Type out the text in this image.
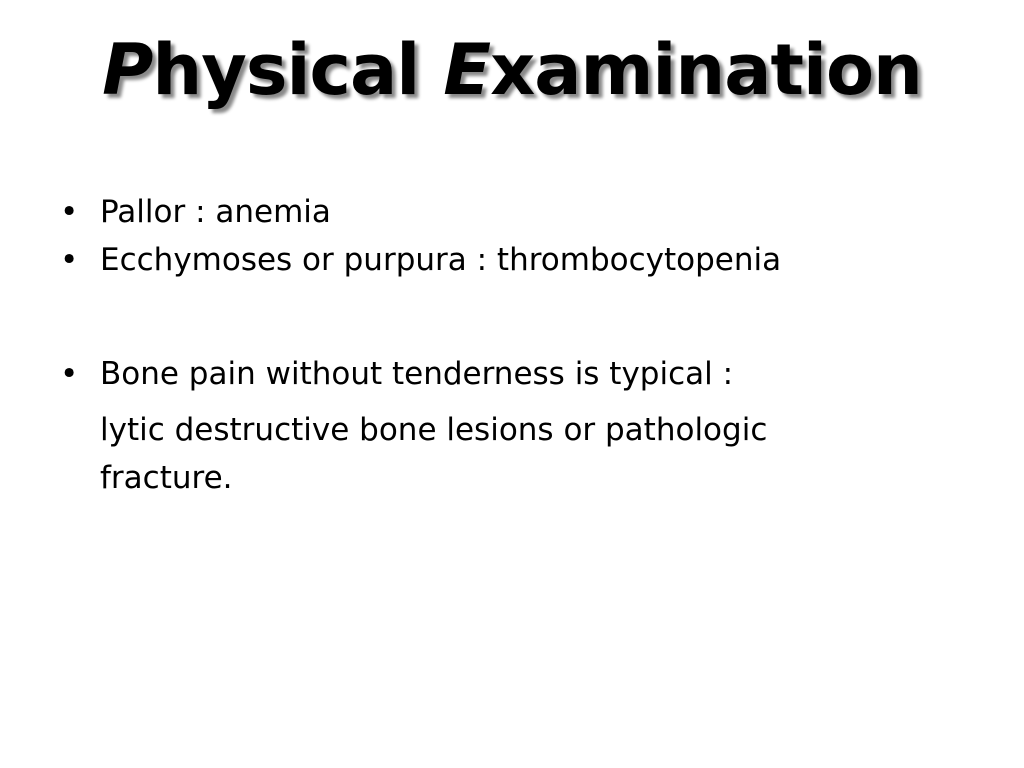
Physical Examination
• Pallor : anemia
• Ecchymoses or purpura : thrombocytopenia
• Bone pain without tenderness is typical :
lytic destructive bone lesions or pathologic
fracture.
